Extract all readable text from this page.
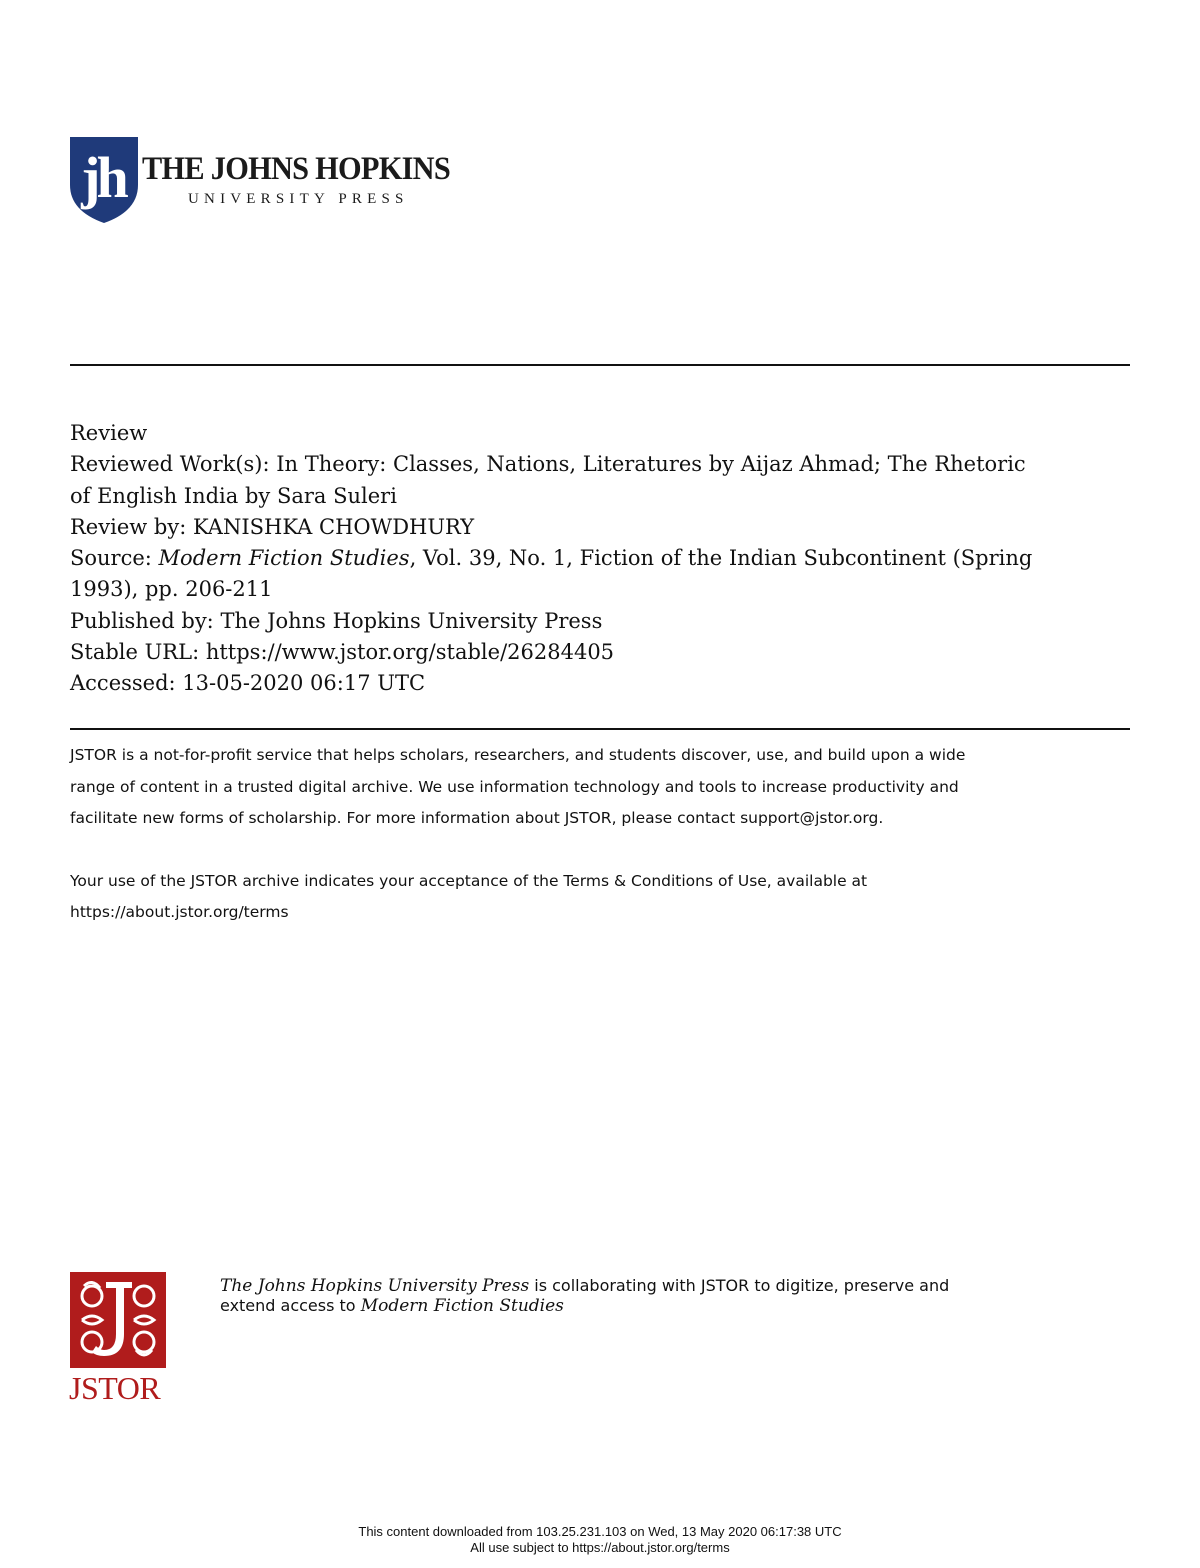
jh THE JOHNS HOPKINS
UNIVERSITY PRESS

Review

Reviewed Work(s): In Theory: Classes, Nations, Literatures by Aijaz Ahmad; The Rhetoric

of English India by Sara Suleri

Review by: KANISHKA CHOWDHURY

Source: Modern Fiction Studies, Vol. 39, No. 1, Fiction of the Indian Subcontinent (Spring

1993), pp. 206-211

Published by: The Johns Hopkins University Press

Stable URL: https://www.jstor.org/stable/26284405

Accessed: 13-05-2020 06:17 UTC

JSTOR is a not-for-profit service that helps scholars, researchers, and students discover, use, and build upon a wide
range of content in a trusted digital archive. We use information technology and tools to increase productivity and
facilitate new forms of scholarship. For more information about JSTOR, please contact support@jstor.org.

Your use of the JSTOR archive indicates your acceptance of the Terms & Conditions of Use, available at
https://about.jstor.org/terms

JSTOR
The Johns Hopkins University Press is collaborating with JSTOR to digitize, preserve and
extend access to Modern Fiction Studies
This content downloaded from 103.25.231.103 on Wed, 13 May 2020 06:17:38 UTC
All use subject to https://about.jstor.org/terms
